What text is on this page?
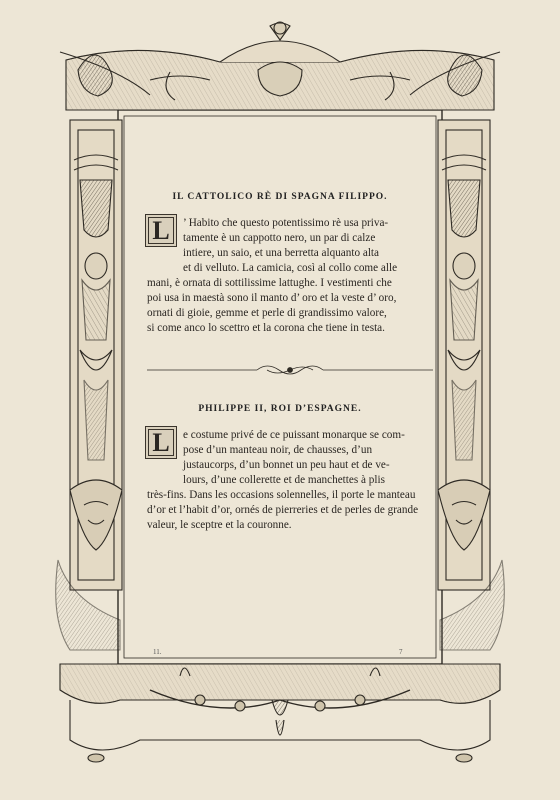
IL CATTOLICO RÈ DI SPAGNA FILIPPO.
L	’ Habito che questo potentissimo rè usa priva-
tamente è un cappotto nero, un par di calze
intiere, un saio, et una berretta alquanto alta
et di velluto. La camicia, così al collo come alle
mani, è ornata di sottilissime lattughe. I vestimenti che
poi usa in maestà sono il manto d’ oro et la veste d’ oro,
ornati di gioie, gemme et perle di grandissimo valore,
si come anco lo scettro et la corona che tiene in testa.
PHILIPPE II, ROI D’ESPAGNE.
L	e costume privé de ce puissant monarque se com-
pose d’un manteau noir, de chausses, d’un
justaucorps, d’un bonnet un peu haut et de ve-
lours, d’une collerette et de manchettes à plis
très-fins. Dans les occasions solennelles, il porte le manteau
d’or et l’habit d’or, ornés de pierreries et de perles de grande
valeur, le sceptre et la couronne.
11.	7
